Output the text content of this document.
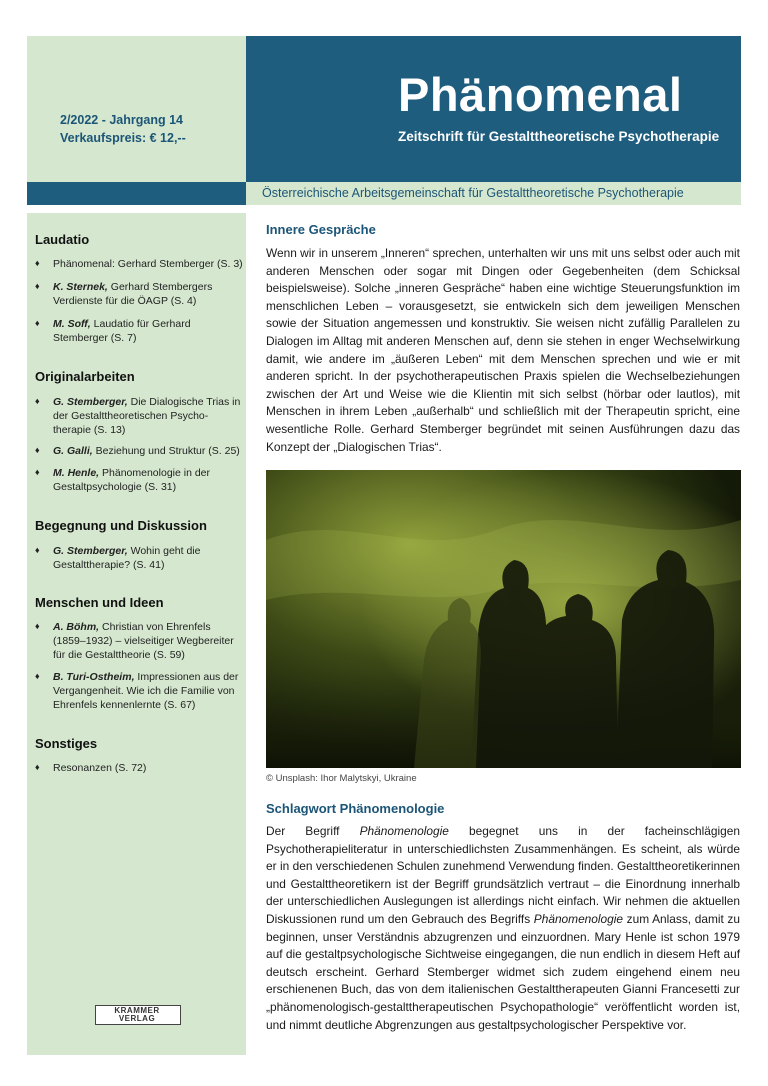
2/2022 - Jahrgang 14
Verkaufspreis: € 12,--
Phänomenal
Zeitschrift für Gestalttheoretische Psychotherapie
Österreichische Arbeitsgemeinschaft für Gestalttheoretische Psychotherapie
Laudatio
♦ Phänomenal: Gerhard Stemberger (S. 3)
♦ K. Sternek, Gerhard Stembergers Verdienste für die ÖAGP (S. 4)
♦ M. Soff, Laudatio für Gerhard Stemberger (S. 7)
Originalarbeiten
♦ G. Stemberger, Die Dialogische Trias in der Gestalttheoretischen Psycho-therapie (S. 13)
♦ G. Galli, Beziehung und Struktur (S. 25)
♦ M. Henle, Phänomenologie in der Gestaltpsychologie (S. 31)
Begegnung und Diskussion
♦ G. Stemberger, Wohin geht die Gestalttherapie? (S. 41)
Menschen und Ideen
♦ A. Böhm, Christian von Ehrenfels (1859–1932) – vielseitiger Wegbereiter für die Gestalttheorie (S. 59)
♦ B. Turi-Ostheim, Impressionen aus der Vergangenheit. Wie ich die Familie von Ehrenfels kennenlernte (S. 67)
Sonstiges
♦ Resonanzen (S. 72)
KRAMMER VERLAG
Innere Gespräche
Wenn wir in unserem „Inneren“ sprechen, unterhalten wir uns mit uns selbst oder auch mit anderen Menschen oder sogar mit Dingen oder Gegebenheiten (dem Schicksal beispielsweise). Solche „inneren Gespräche“ haben eine wichtige Steuerungsfunktion im menschlichen Leben – vorausgesetzt, sie entwickeln sich dem jeweiligen Menschen sowie der Situation angemessen und konstruktiv. Sie weisen nicht zufällig Parallelen zu Dialogen im Alltag mit anderen Menschen auf, denn sie stehen in enger Wechselwirkung damit, wie andere im „äußeren Leben“ mit dem Menschen sprechen und wie er mit anderen spricht. In der psychotherapeutischen Praxis spielen die Wechselbeziehungen zwischen der Art und Weise wie die Klientin mit sich selbst (hörbar oder lautlos), mit Menschen in ihrem Leben „außerhalb“ und schließlich mit der Therapeutin spricht, eine wesentliche Rolle. Gerhard Stemberger begründet mit seinen Ausführungen dazu das Konzept der „Dialogischen Trias“.
© Unsplash: Ihor Malytskyi, Ukraine
Schlagwort Phänomenologie
Der Begriff Phänomenologie begegnet uns in der facheinschlägigen Psychotherapieliteratur in unterschiedlichsten Zusammenhängen. Es scheint, als würde er in den verschiedenen Schulen zunehmend Verwendung finden. Gestalttheoretikerinnen und Gestalttheoretikern ist der Begriff grundsätzlich vertraut – die Einordnung innerhalb der unterschiedlichen Auslegungen ist allerdings nicht einfach. Wir nehmen die aktuellen Diskussionen rund um den Gebrauch des Begriffs Phänomenologie zum Anlass, damit zu beginnen, unser Verständnis abzugrenzen und einzuordnen. Mary Henle ist schon 1979 auf die gestaltpsychologische Sichtweise eingegangen, die nun endlich in diesem Heft auf deutsch erscheint. Gerhard Stemberger widmet sich zudem eingehend einem neu erschienenen Buch, das von dem italienischen Gestalttherapeuten Gianni Francesetti zur „phänomenologisch-gestalttherapeutischen Psychopathologie“ veröffentlicht worden ist, und nimmt deutliche Abgrenzungen aus gestaltpsychologischer Perspektive vor.
